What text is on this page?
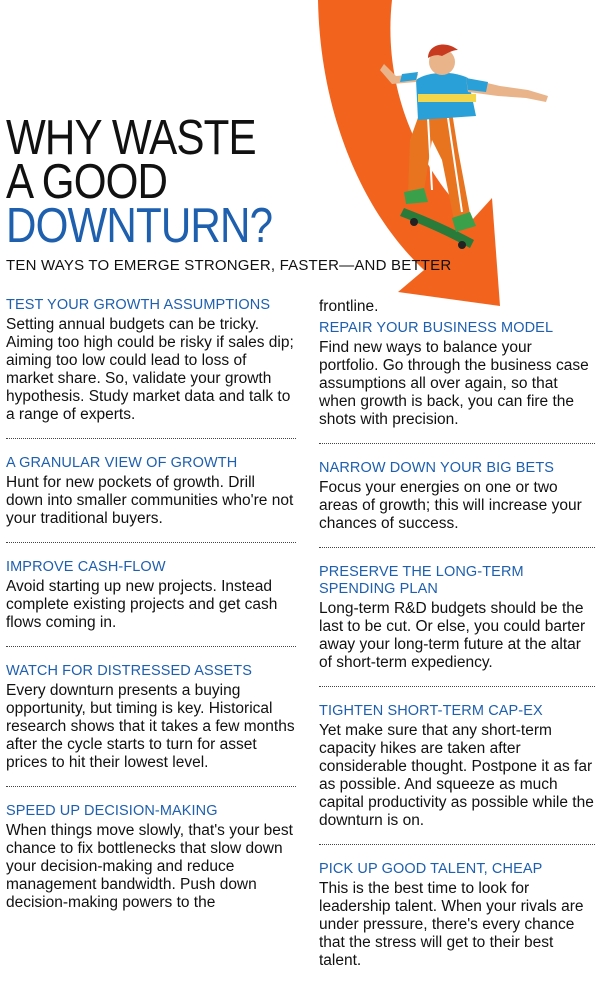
WHY WASTE
A GOOD
DOWNTURN?

TEN WAYS TO EMERGE STRONGER, FASTER—AND BETTER

TEST YOUR GROWTH ASSUMPTIONS

Setting annual budgets can be tricky. Aiming too high could be risky if sales dip; aiming too low could lead to loss of market share. So, validate your growth hypothesis. Study market data and talk to a range of experts.

A GRANULAR VIEW OF GROWTH

Hunt for new pockets of growth. Drill down into smaller communities who're not your traditional buyers.

IMPROVE CASH-FLOW

Avoid starting up new projects. Instead complete existing projects and get cash flows coming in.

WATCH FOR DISTRESSED ASSETS

Every downturn presents a buying opportunity, but timing is key. Historical research shows that it takes a few months after the cycle starts to turn for asset prices to hit their lowest level.

SPEED UP DECISION-MAKING

When things move slowly, that's your best chance to fix bottlenecks that slow down your decision-making and reduce management bandwidth. Push down decision-making powers to the

frontline.

REPAIR YOUR BUSINESS MODEL

Find new ways to balance your portfolio. Go through the business case assumptions all over again, so that when growth is back, you can fire the shots with precision.

NARROW DOWN YOUR BIG BETS

Focus your energies on one or two areas of growth; this will increase your chances of success.

PRESERVE THE LONG-TERM SPENDING PLAN

Long-term R&D budgets should be the last to be cut. Or else, you could barter away your long-term future at the altar of short-term expediency.

TIGHTEN SHORT-TERM CAP-EX

Yet make sure that any short-term capacity hikes are taken after considerable thought. Postpone it as far as possible. And squeeze as much capital productivity as possible while the downturn is on.

PICK UP GOOD TALENT, CHEAP

This is the best time to look for leadership talent. When your rivals are under pressure, there's every chance that the stress will get to their best talent.
